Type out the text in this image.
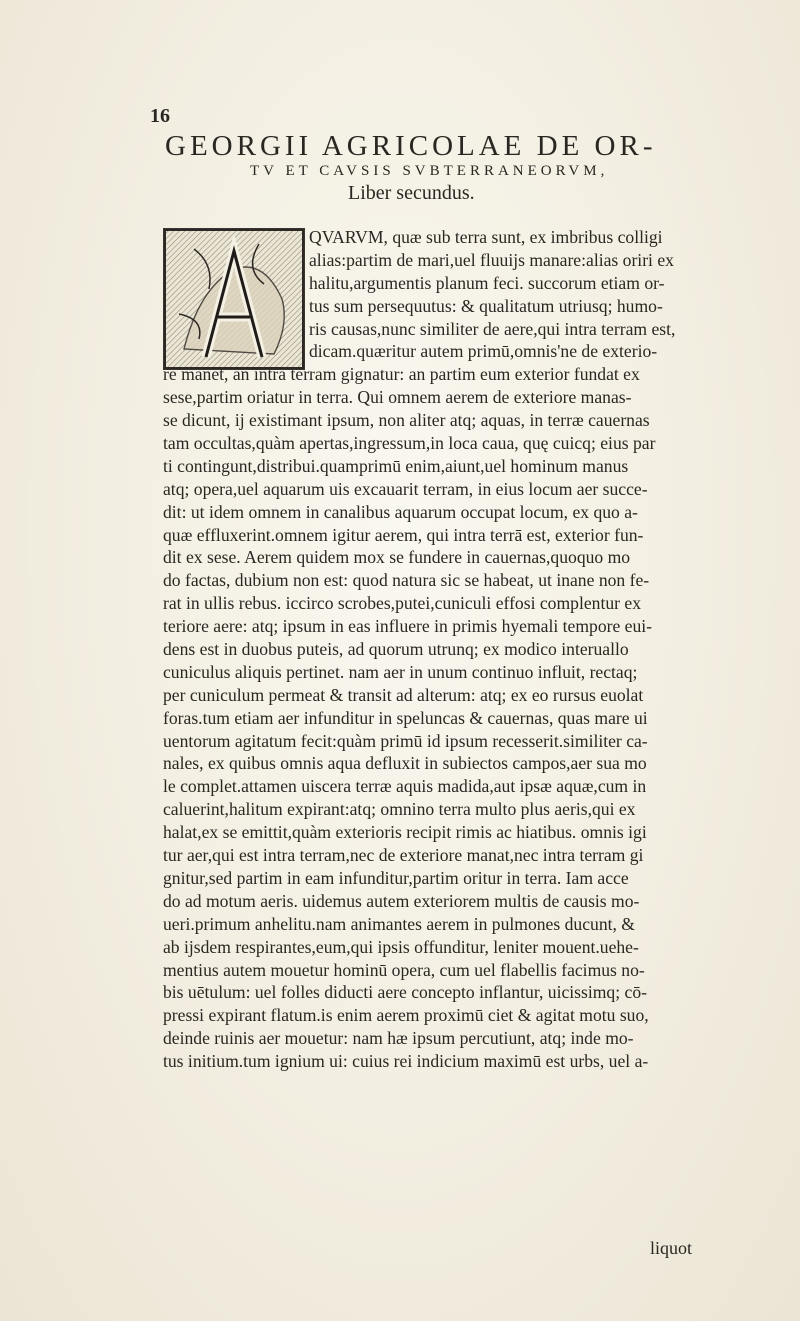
16
GEORGII AGRICOLAE DE OR-
TV ET CAVSIS SVBTERRANEORVM,
Liber secundus.
QVARVM, quæ sub terra sunt, ex imbribus colligi
alias:partim de mari,uel fluuijs manare:alias oriri ex
halitu,argumentis planum feci. succorum etiam or-
tus sum persequutus: & qualitatum utriusq; humo-
ris causas,nunc similiter de aere,qui intra terram est,
dicam.quæritur autem primū,omnis'ne de exterio-
re manet, an intra terram gignatur: an partim eum exterior fundat ex
sese,partim oriatur in terra. Qui omnem aerem de exteriore manas-
se dicunt, ij existimant ipsum, non aliter atq; aquas, in terræ cauernas
tam occultas,quàm apertas,ingressum,in loca caua, quę cuicq; eius par
ti contingunt,distribui.quamprimū enim,aiunt,uel hominum manus
atq; opera,uel aquarum uis excauarit terram, in eius locum aer succe-
dit: ut idem omnem in canalibus aquarum occupat locum, ex quo a-
quæ effluxerint.omnem igitur aerem, qui intra terrā est, exterior fun-
dit ex sese. Aerem quidem mox se fundere in cauernas,quoquo mo
do factas, dubium non est: quod natura sic se habeat, ut inane non fe-
rat in ullis rebus. iccirco scrobes,putei,cuniculi effosi complentur ex
teriore aere: atq; ipsum in eas influere in primis hyemali tempore eui-
dens est in duobus puteis, ad quorum utrunq; ex modico interuallo
cuniculus aliquis pertinet. nam aer in unum continuo influit, rectaq;
per cuniculum permeat & transit ad alterum: atq; ex eo rursus euolat
foras.tum etiam aer infunditur in speluncas & cauernas, quas mare ui
uentorum agitatum fecit:quàm primū id ipsum recesserit.similiter ca-
nales, ex quibus omnis aqua defluxit in subiectos campos,aer sua mo
le complet.attamen uiscera terræ aquis madida,aut ipsæ aquæ,cum in
caluerint,halitum expirant:atq; omnino terra multo plus aeris,qui ex
halat,ex se emittit,quàm exterioris recipit rimis ac hiatibus. omnis igi
tur aer,qui est intra terram,nec de exteriore manat,nec intra terram gi
gnitur,sed partim in eam infunditur,partim oritur in terra. Iam acce
do ad motum aeris. uidemus autem exteriorem multis de causis mo-
ueri.primum anhelitu.nam animantes aerem in pulmones ducunt, &
ab ijsdem respirantes,eum,qui ipsis offunditur, leniter mouent.uehe-
mentius autem mouetur hominū opera, cum uel flabellis facimus no-
bis uētulum: uel folles diducti aere concepto inflantur, uicissimq; cō-
pressi expirant flatum.is enim aerem proximū ciet & agitat motu suo,
deinde ruinis aer mouetur: nam hæ ipsum percutiunt, atq; inde mo-
tus initium.tum ignium ui: cuius rei indicium maximū est urbs, uel a-
liquot
